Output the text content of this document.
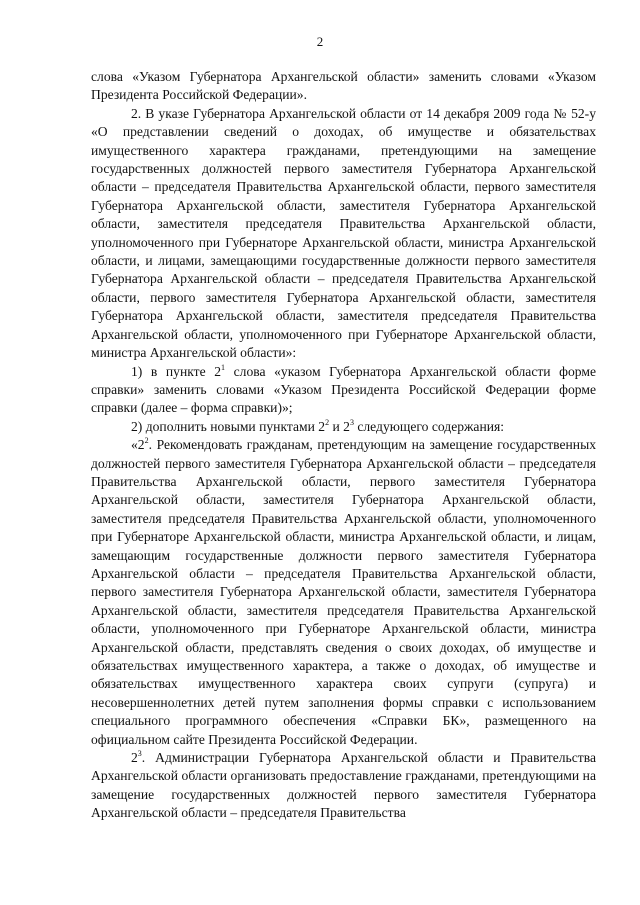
2

слова «Указом Губернатора Архангельской области» заменить словами «Указом Президента Российской Федерации».

2. В указе Губернатора Архангельской области от 14 декабря 2009 года № 52-у «О представлении сведений о доходах, об имуществе и обязательствах имущественного характера гражданами, претендующими на замещение государственных должностей первого заместителя Губернатора Архангельской области – председателя Правительства Архангельской области, первого заместителя Губернатора Архангельской области, заместителя Губернатора Архангельской области, заместителя председателя Правительства Архангельской области, уполномоченного при Губернаторе Архангельской области, министра Архангельской области, и лицами, замещающими государственные должности первого заместителя Губернатора Архангельской области – председателя Правительства Архангельской области, первого заместителя Губернатора Архангельской области, заместителя Губернатора Архангельской области, заместителя председателя Правительства Архангельской области, уполномоченного при Губернаторе Архангельской области, министра Архангельской области»:

1) в пункте $2^1$ слова «указом Губернатора Архангельской области форме справки» заменить словами «Указом Президента Российской Федерации форме справки (далее – форма справки)»;

2) дополнить новыми пунктами $2^2$ и $2^3$ следующего содержания:

«$2^2$. Рекомендовать гражданам, претендующим на замещение государственных должностей первого заместителя Губернатора Архангельской области – председателя Правительства Архангельской области, первого заместителя Губернатора Архангельской области, заместителя Губернатора Архангельской области, заместителя председателя Правительства Архангельской области, уполномоченного при Губернаторе Архангельской области, министра Архангельской области, и лицам, замещающим государственные должности первого заместителя Губернатора Архангельской области – председателя Правительства Архангельской области, первого заместителя Губернатора Архангельской области, заместителя Губернатора Архангельской области, заместителя председателя Правительства Архангельской области, уполномоченного при Губернаторе Архангельской области, министра Архангельской области, представлять сведения о своих доходах, об имуществе и обязательствах имущественного характера, а также о доходах, об имуществе и обязательствах имущественного характера своих супруги (супруга) и несовершеннолетних детей путем заполнения формы справки с использованием специального программного обеспечения «Справки БК», размещенного на официальном сайте Президента Российской Федерации.

$2^3$. Администрации Губернатора Архангельской области и Правительства Архангельской области организовать предоставление гражданами, претендующими на замещение государственных должностей первого заместителя Губернатора Архангельской области – председателя Правительства
